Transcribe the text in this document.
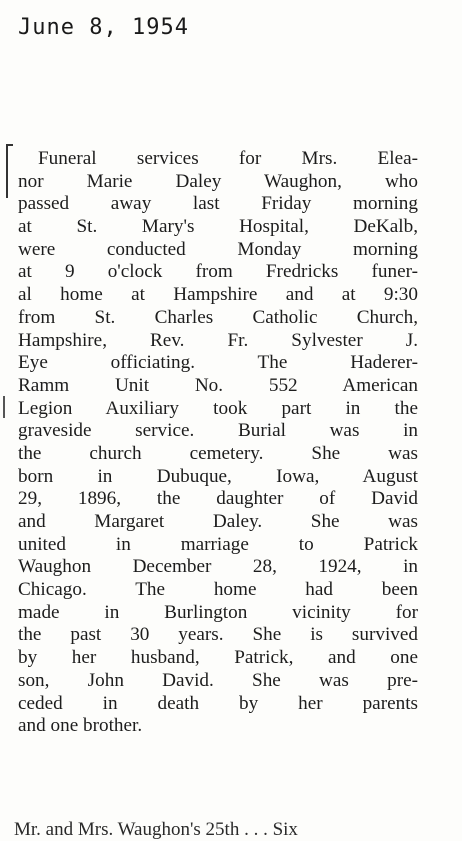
June 8, 1954
Funeral services for Mrs. Elea-
nor Marie Daley Waughon, who
passed away last Friday morning
at St. Mary's Hospital, DeKalb,
were conducted Monday morning
at 9 o'clock from Fredricks funer-
al home at Hampshire and at 9:30
from St. Charles Catholic Church,
Hampshire, Rev. Fr. Sylvester J.
Eye officiating. The Haderer-
Ramm Unit No. 552 American
Legion Auxiliary took part in the
graveside service. Burial was in
the church cemetery. She was
born in Dubuque, Iowa, August
29, 1896, the daughter of David
and Margaret Daley. She was
united in marriage to Patrick
Waughon December 28, 1924, in
Chicago. The home had been
made in Burlington vicinity for
the past 30 years. She is survived
by her husband, Patrick, and one
son, John David. She was pre-
ceded in death by her parents
and one brother.
Mr. and Mrs. Waughon's 25th . . . Six
